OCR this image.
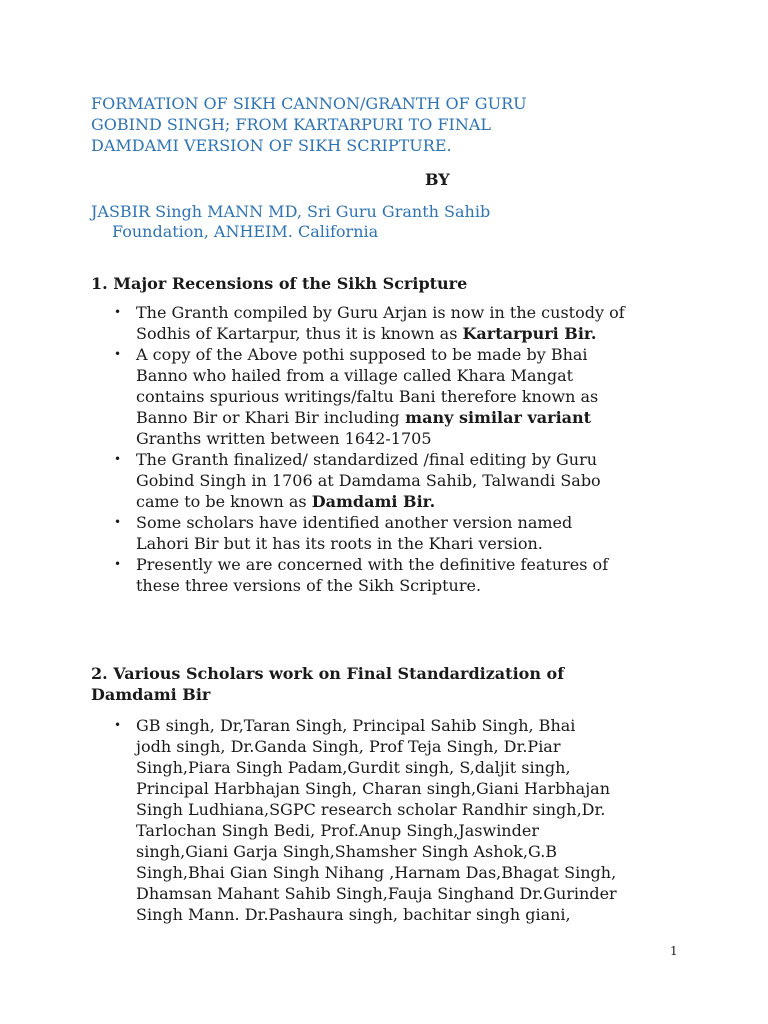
FORMATION OF SIKH CANNON/GRANTH OF GURU
GOBIND SINGH; FROM KARTARPURI TO FINAL
DAMDAMI VERSION OF SIKH SCRIPTURE.
BY
JASBIR Singh MANN MD, Sri Guru Granth Sahib
Foundation, ANHEIM. California
1. Major Recensions of the Sikh Scripture
• The Granth compiled by Guru Arjan is now in the custody of
Sodhis of Kartarpur, thus it is known as Kartarpuri Bir.
• A copy of the Above pothi supposed to be made by Bhai
Banno who hailed from a village called Khara Mangat
contains spurious writings/faltu Bani therefore known as
Banno Bir or Khari Bir including many similar variant
Granths written between 1642-1705
• The Granth finalized/ standardized /final editing by Guru
Gobind Singh in 1706 at Damdama Sahib, Talwandi Sabo
came to be known as Damdami Bir.
• Some scholars have identified another version named
Lahori Bir but it has its roots in the Khari version.
• Presently we are concerned with the definitive features of
these three versions of the Sikh Scripture.
2. Various Scholars work on Final Standardization of
Damdami Bir
• GB singh, Dr,Taran Singh, Principal Sahib Singh, Bhai
jodh singh, Dr.Ganda Singh, Prof Teja Singh, Dr.Piar
Singh,Piara Singh Padam,Gurdit singh, S,daljit singh,
Principal Harbhajan Singh, Charan singh,Giani Harbhajan
Singh Ludhiana,SGPC research scholar Randhir singh,Dr.
Tarlochan Singh Bedi, Prof.Anup Singh,Jaswinder
singh,Giani Garja Singh,Shamsher Singh Ashok,G.B
Singh,Bhai Gian Singh Nihang ,Harnam Das,Bhagat Singh,
Dhamsan Mahant Sahib Singh,Fauja Singhand Dr.Gurinder
Singh Mann. Dr.Pashaura singh, bachitar singh giani,
1
